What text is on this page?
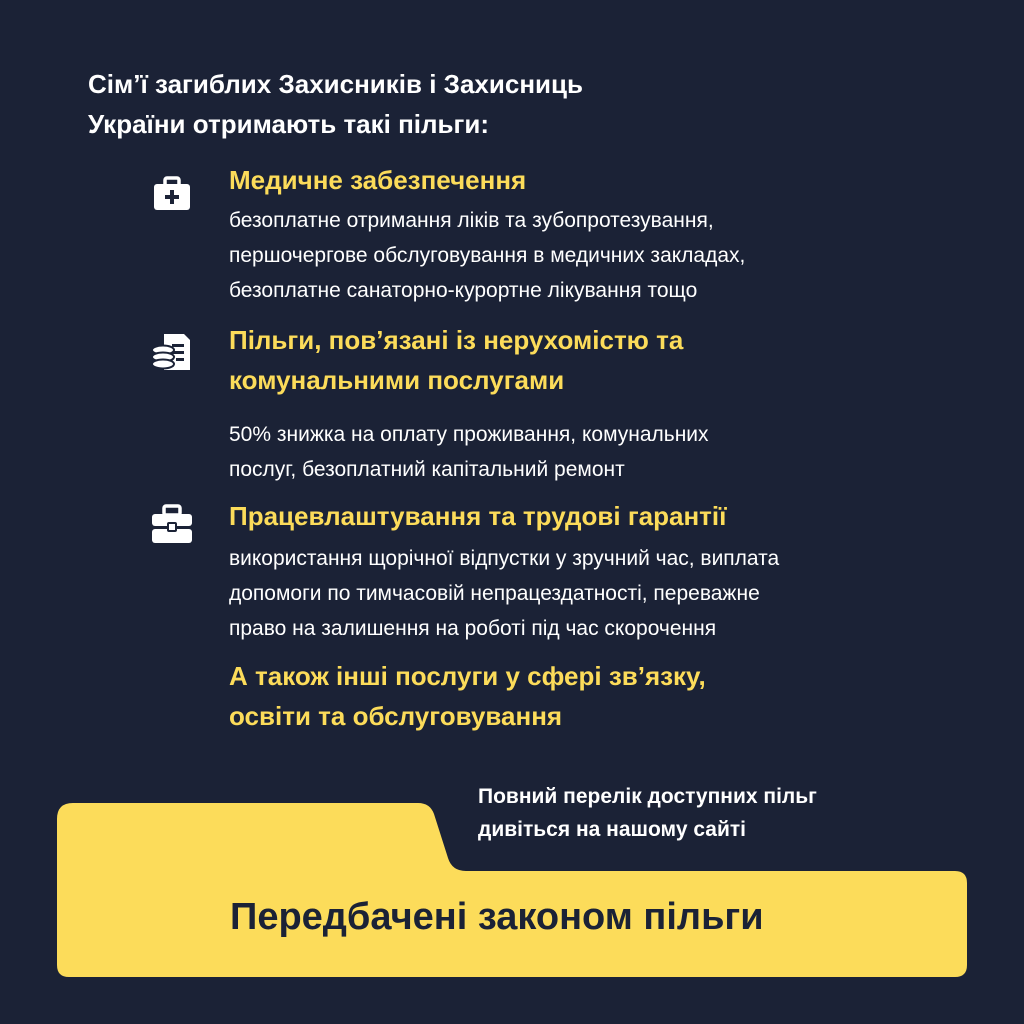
Сім’ї загиблих Захисників і Захисниць
України отримають такі пільги:
Медичне забезпечення
безоплатне отримання ліків та зубопротезування,
першочергове обслуговування в медичних закладах,
безоплатне санаторно-курортне лікування тощо
Пільги, пов’язані із нерухомістю та
комунальними послугами
50% знижка на оплату проживання, комунальних
послуг, безоплатний капітальний ремонт
Працевлаштування та трудові гарантії
використання щорічної відпустки у зручний час, виплата
допомоги по тимчасовій непрацездатності, переважне
право на залишення на роботі під час скорочення
А також інші послуги у сфері зв’язку,
освіти та обслуговування
Повний перелік доступних пільг
дивіться на нашому сайті
Передбачені законом пільги
